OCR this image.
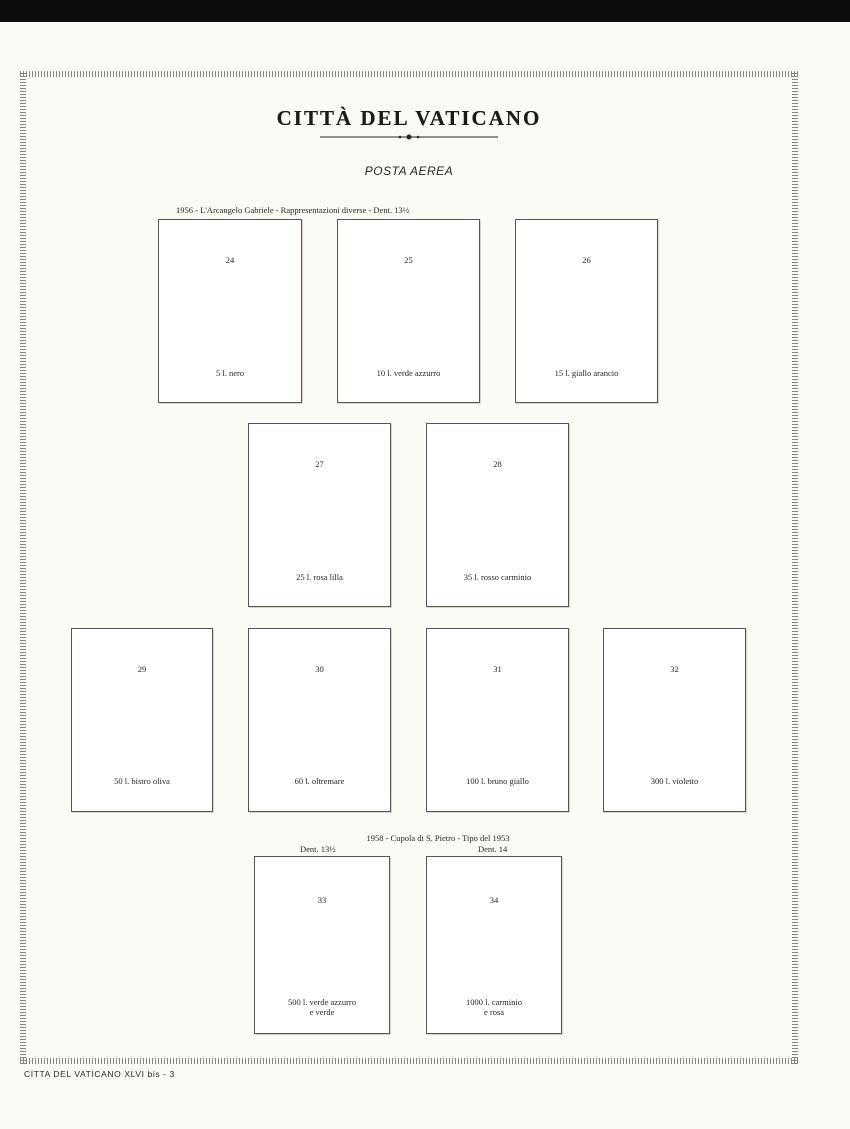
CITTÀ DEL VATICANO
POSTA AEREA
1956 - L'Arcangelo Gabriele - Rappresentazioni diverse - Dent. 13½
24
5 l. nero
25
10 l. verde azzurro
26
15 l. giallo arancio
27
25 l. rosa lilla
28
35 l. rosso carminio
29
50 l. bistro oliva
30
60 l. oltremare
31
100 l. bruno giallo
32
300 l. violetto
1958 - Cupola di S. Pietro - Tipo del 1953
Dent. 13½	Dent. 14
33
500 l. verde azzurro
e verde
34
1000 l. carminio
e rosa
CITTA DEL VATICANO XLVI bis - 3
